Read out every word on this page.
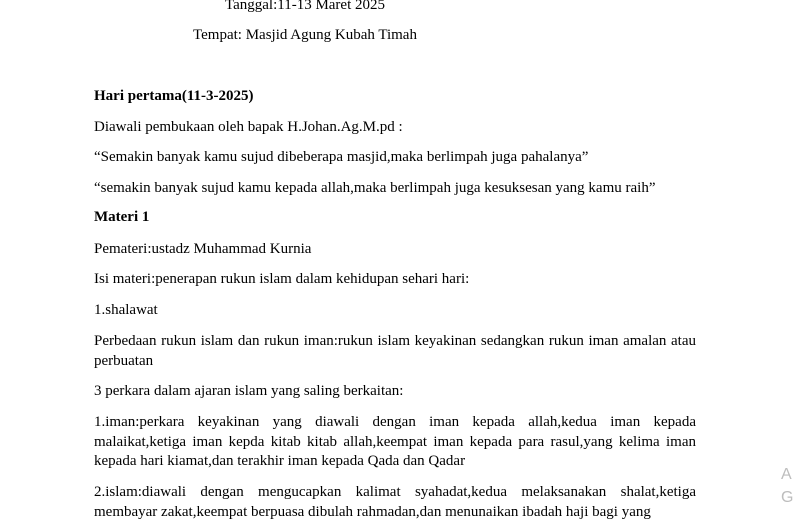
Tanggal:11-13 Maret 2025
Tempat: Masjid Agung Kubah Timah
Hari pertama(11-3-2025)
Diawali pembukaan oleh bapak H.Johan.Ag.M.pd :
“Semakin banyak kamu sujud dibeberapa masjid,maka berlimpah juga pahalanya”
“semakin banyak sujud kamu kepada allah,maka berlimpah juga kesuksesan yang kamu raih”
Materi 1
Pemateri:ustadz Muhammad Kurnia
Isi materi:penerapan rukun islam dalam kehidupan sehari hari:
1.shalawat
Perbedaan rukun islam dan rukun iman:rukun islam keyakinan sedangkan rukun iman amalan atau perbuatan
3 perkara dalam ajaran islam yang saling berkaitan:
1.iman:perkara keyakinan yang diawali dengan iman kepada allah,kedua iman kepada malaikat,ketiga iman kepda kitab kitab allah,keempat iman kepada para rasul,yang kelima iman kepada hari kiamat,dan terakhir iman kepada Qada dan Qadar
2.islam:diawali dengan mengucapkan kalimat syahadat,kedua melaksanakan shalat,ketiga membayar zakat,keempat berpuasa dibulah rahmadan,dan menunaikan ibadah haji bagi yang
A
G
